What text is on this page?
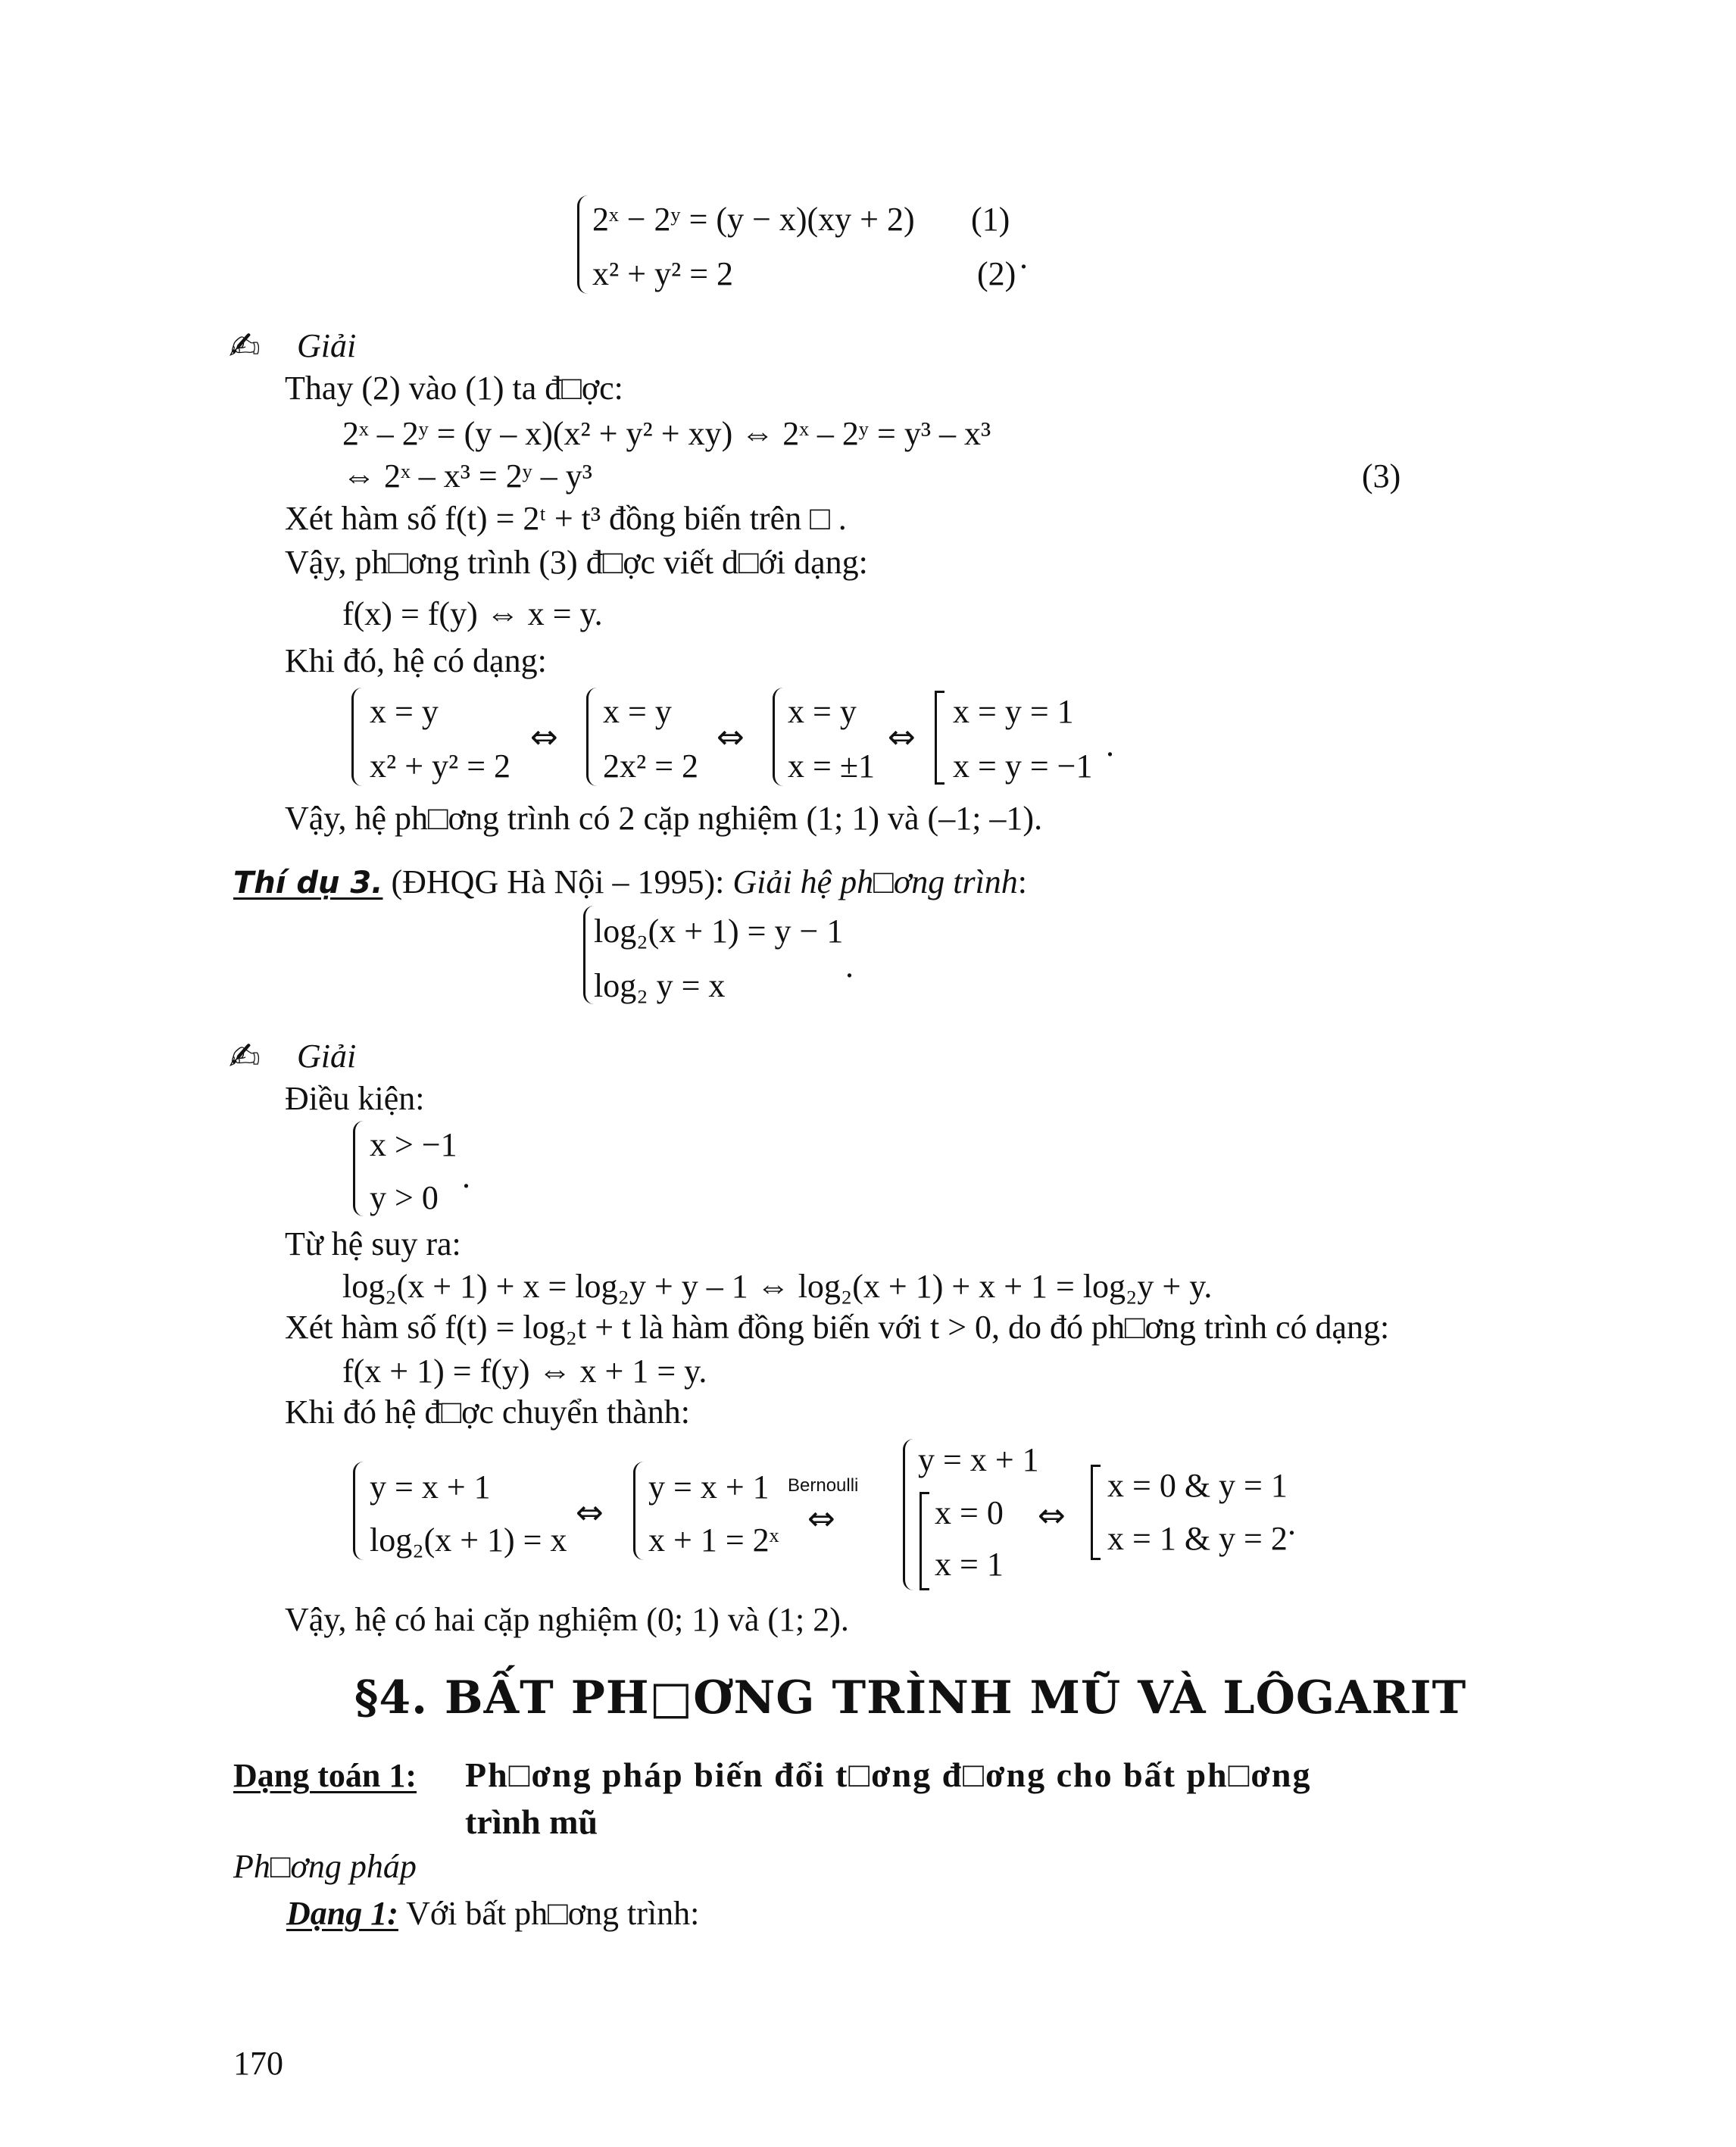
2ˣ − 2ʸ = (y − x)(xy + 2) (1)
x² + y² = 2	(2) .
✍ Giải
Thay (2) vào (1) ta đ□ợc:
2ˣ – 2ʸ = (y – x)(x² + y² + xy) ⇔ 2ˣ – 2ʸ = y³ – x³
⇔ 2ˣ – x³ = 2ʸ – y³	(3)
Xét hàm số f(t) = 2ᵗ + t³ đồng biến trên □ .
Vậy, ph□ơng trình (3) đ□ợc viết d□ới dạng:
f(x) = f(y) ⇔ x = y.
Khi đó, hệ có dạng:
x = y
x² + y² = 2
⇔
x = y
2x² = 2
⇔
x = y
x = ±1
⇔
x = y = 1
x = y = −1
.
Vậy, hệ ph□ơng trình có 2 cặp nghiệm (1; 1) và (–1; –1).
Thí dụ 3. (ĐHQG Hà Nội – 1995): Giải hệ ph□ơng trình:
log₂(x + 1) = y − 1
log₂ y = x
.
✍ Giải
Điều kiện:
x > −1
y > 0
.
Từ hệ suy ra:
log₂(x + 1) + x = log₂y + y – 1 ⇔ log₂(x + 1) + x + 1 = log₂y + y.
Xét hàm số f(t) = log₂t + t là hàm đồng biến với t > 0, do đó ph□ơng trình có dạng:
f(x + 1) = f(y) ⇔ x + 1 = y.
Khi đó hệ đ□ợc chuyển thành:
y = x + 1
log₂(x + 1) = x
⇔
y = x + 1
x + 1 = 2ˣ
Bernoulli
⇔
y = x + 1
x = 0
x = 1
⇔
x = 0 & y = 1
x = 1 & y = 2 .
Vậy, hệ có hai cặp nghiệm (0; 1) và (1; 2).
§4. BẤT PH□ƠNG TRÌNH MŨ VÀ LÔGARIT
Dạng toán 1: Ph□ơng pháp biến đổi t□ơng đ□ơng cho bất ph□ơng
trình mũ
Ph□ơng pháp
Dạng 1: Với bất ph□ơng trình:
170
